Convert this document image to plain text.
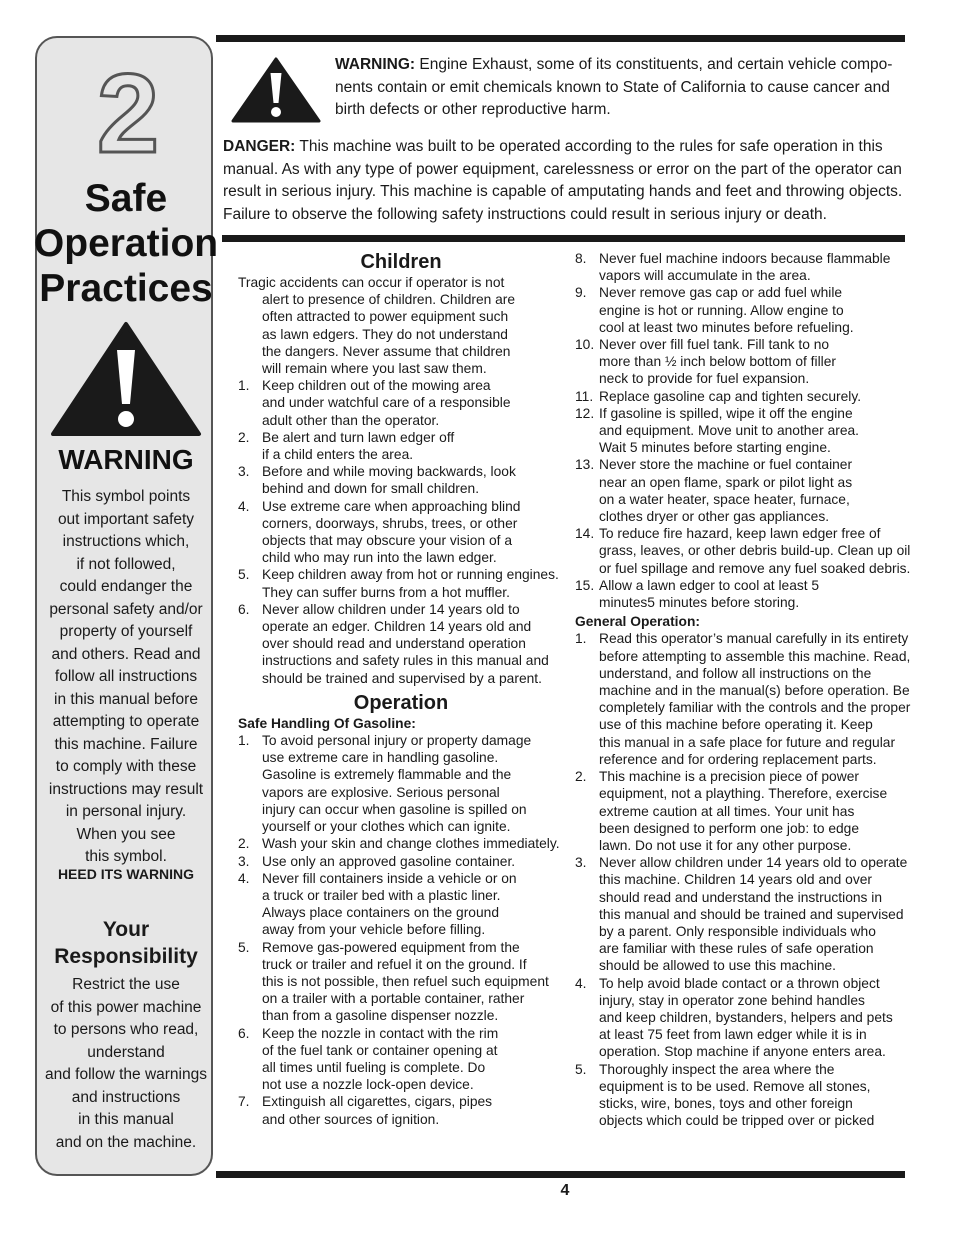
2
Safe
Operation
Practices
WARNING
This symbol points
out important safety
instructions which,
if not followed,
could endanger the
personal safety and/or
property of yourself
and others. Read and
follow all instructions
in this manual before
attempting to operate
this machine. Failure
to comply with these
instructions may result
in personal injury.
When you see
this symbol.
HEED ITS WARNING
Your
Responsibility
Restrict the use
of this power machine
to persons who read,
understand
and follow the warnings
and instructions
in this manual
and on the machine.
WARNING: Engine Exhaust, some of its constituents, and certain vehicle compo-
nents contain or emit chemicals known to State of California to cause cancer and
birth defects or other reproductive harm.
DANGER: This machine was built to be operated according to the rules for safe operation in this
manual. As with any type of power equipment, carelessness or error on the part of the operator can
result in serious injury. This machine is capable of amputating hands and feet and throwing objects.
Failure to observe the following safety instructions could result in serious injury or death.
Children
Tragic accidents can occur if operator is not
alert to presence of children. Children are
often attracted to power equipment such
as lawn edgers. They do not understand
the dangers. Never assume that children
will remain where you last saw them.
1. Keep children out of the mowing area
and under watchful care of a responsible
adult other than the operator.
2. Be alert and turn lawn edger off
if a child enters the area.
3. Before and while moving backwards, look
behind and down for small children.
4. Use extreme care when approaching blind
corners, doorways, shrubs, trees, or other
objects that may obscure your vision of a
child who may run into the lawn edger.
5. Keep children away from hot or running engines.
They can suffer burns from a hot muffler.
6. Never allow children under 14 years old to
operate an edger. Children 14 years old and
over should read and understand operation
instructions and safety rules in this manual and
should be trained and supervised by a parent.
Operation
Safe Handling Of Gasoline:
1. To avoid personal injury or property damage
use extreme care in handling gasoline.
Gasoline is extremely flammable and the
vapors are explosive. Serious personal
injury can occur when gasoline is spilled on
yourself or your clothes which can ignite.
2. Wash your skin and change clothes immediately.
3. Use only an approved gasoline container.
4. Never fill containers inside a vehicle or on
a truck or trailer bed with a plastic liner.
Always place containers on the ground
away from your vehicle before filling.
5. Remove gas-powered equipment from the
truck or trailer and refuel it on the ground. If
this is not possible, then refuel such equipment
on a trailer with a portable container, rather
than from a gasoline dispenser nozzle.
6. Keep the nozzle in contact with the rim
of the fuel tank or container opening at
all times until fueling is complete. Do
not use a nozzle lock-open device.
7. Extinguish all cigarettes, cigars, pipes
and other sources of ignition.
8. Never fuel machine indoors because flammable
vapors will accumulate in the area.
9. Never remove gas cap or add fuel while
engine is hot or running. Allow engine to
cool at least two minutes before refueling.
10. Never over fill fuel tank. Fill tank to no
more than ½ inch below bottom of filler
neck to provide for fuel expansion.
11. Replace gasoline cap and tighten securely.
12. If gasoline is spilled, wipe it off the engine
and equipment. Move unit to another area.
Wait 5 minutes before starting engine.
13. Never store the machine or fuel container
near an open flame, spark or pilot light as
on a water heater, space heater, furnace,
clothes dryer or other gas appliances.
14. To reduce fire hazard, keep lawn edger free of
grass, leaves, or other debris build-up. Clean up oil
or fuel spillage and remove any fuel soaked debris.
15. Allow a lawn edger to cool at least 5
minutes5 minutes before storing.
General Operation:
1. Read this operator’s manual carefully in its entirety
before attempting to assemble this machine. Read,
understand, and follow all instructions on the
machine and in the manual(s) before operation. Be
completely familiar with the controls and the proper
use of this machine before operating it. Keep
this manual in a safe place for future and regular
reference and for ordering replacement parts.
2. This machine is a precision piece of power
equipment, not a plaything. Therefore, exercise
extreme caution at all times. Your unit has
been designed to perform one job: to edge
lawn. Do not use it for any other purpose.
3. Never allow children under 14 years old to operate
this machine. Children 14 years old and over
should read and understand the instructions in
this manual and should be trained and supervised
by a parent. Only responsible individuals who
are familiar with these rules of safe operation
should be allowed to use this machine.
4. To help avoid blade contact or a thrown object
injury, stay in operator zone behind handles
and keep children, bystanders, helpers and pets
at least 75 feet from lawn edger while it is in
operation. Stop machine if anyone enters area.
5. Thoroughly inspect the area where the
equipment is to be used. Remove all stones,
sticks, wire, bones, toys and other foreign
objects which could be tripped over or picked
4
